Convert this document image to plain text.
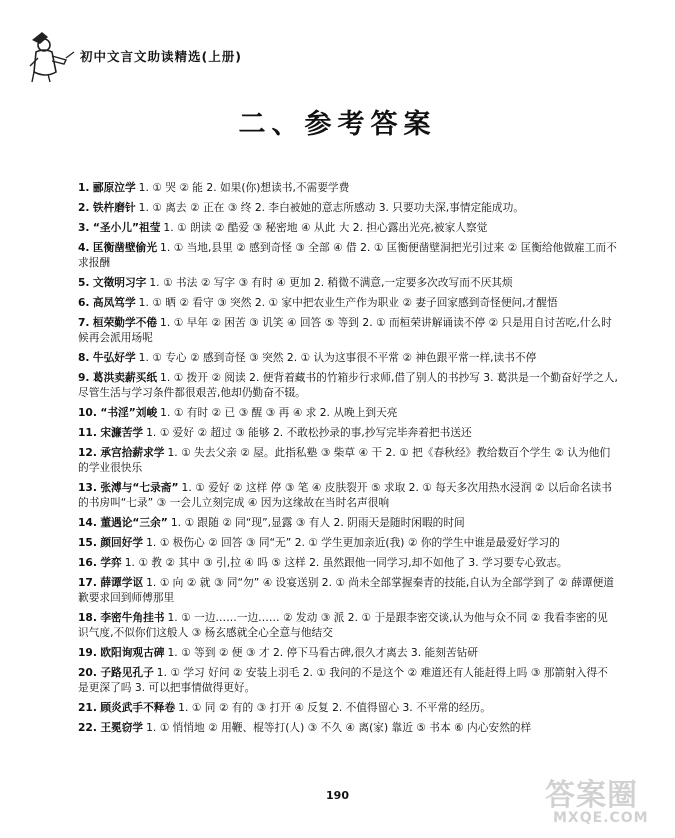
初中文言文助读精选(上册)
二、参考答案
1. 郦原泣学 1. ① 哭 ② 能 2. 如果(你)想读书,不需要学费
2. 铁杵磨针 1. ① 离去 ② 正在 ③ 终 2. 李白被她的意志所感动 3. 只要功夫深,事情定能成功。
3. “圣小儿”祖莹 1. ① 朗读 ② 酷爱 ③ 秘密地 ④ 从此 大 2. 担心露出光亮,被家人察觉
4. 匡衡凿壁偷光 1. ① 当地,县里 ② 感到奇怪 ③ 全部 ④ 借 2. ① 匡衡便凿壁洞把光引过来 ② 匡衡给他做雇工而不求报酬
5. 文徵明习字 1. ① 书法 ② 写字 ③ 有时 ④ 更加 2. 稍微不满意,一定要多次改写而不厌其烦
6. 高凤笃学 1. ① 晒 ② 看守 ③ 突然 2. ① 家中把农业生产作为职业 ② 妻子回家感到奇怪便问,才醒悟
7. 桓荣勤学不倦 1. ① 早年 ② 困苦 ③ 讥笑 ④ 回答 ⑤ 等到 2. ① 而桓荣讲解诵读不停 ② 只是用自讨苦吃,什么时候再会派用场呢
8. 牛弘好学 1. ① 专心 ② 感到奇怪 ③ 突然 2. ① 认为这事很不平常 ② 神色跟平常一样,读书不停
9. 葛洪卖薪买纸 1. ① 拨开 ② 阅读 2. 便背着藏书的竹箱步行求师,借了别人的书抄写 3. 葛洪是一个勤奋好学之人,尽管生活与学习条件都很艰苦,他却仍勤奋不辍。
10. “书淫”刘峻 1. ① 有时 ② 已 ③ 醒 ③ 再 ④ 求 2. 从晚上到天亮
11. 宋濂苦学 1. ① 爱好 ② 超过 ③ 能够 2. 不敢松抄录的事,抄写完毕奔着把书送还
12. 承宫拾薪求学 1. ① 失去父亲 ② 屋。此指私塾 ③ 柴草 ④ 干 2. ① 把《春秋经》教给数百个学生 ② 认为他们的学业很快乐
13. 张溥与“七录斋” 1. ① 爱好 ② 这样 停 ③ 笔 ④ 皮肤裂开 ⑤ 求取 2. ① 每天多次用热水浸润 ② 以后命名读书的书房叫“七录” ③ 一会儿立刻完成 ④ 因为这缘故在当时名声很响
14. 董遇论“三余” 1. ① 跟随 ② 同“现”,显露 ③ 有人 2. 阴雨天是随时闲暇的时间
15. 颜回好学 1. ① 极伤心 ② 回答 ③ 同“无” 2. ① 学生更加亲近(我) ② 你的学生中谁是最爱好学习的
16. 学弈 1. ① 教 ② 其中 ③ 引,拉 ④ 吗 ⑤ 这样 2. 虽然跟他一同学习,却不如他了 3. 学习要专心致志。
17. 薛谭学讴 1. ① 向 ② 就 ③ 同“勿” ④ 设宴送别 2. ① 尚未全部掌握秦青的技能,自认为全部学到了 ② 薛谭便道歉要求回到师傅那里
18. 李密牛角挂书 1. ① 一边……一边…… ② 发动 ③ 派 2. ① 于是跟李密交谈,认为他与众不同 ② 我看李密的见识气度,不似你们这般人 ③ 杨玄感就全心全意与他结交
19. 欧阳询观古碑 1. ① 等到 ② 便 ③ 才 2. 停下马看古碑,很久才离去 3. 能刻苦钻研
20. 子路见孔子 1. ① 学习 好问 ② 安装上羽毛 2. ① 我问的不是这个 ② 难道还有人能赶得上吗 ③ 那箭射入得不是更深了吗 3. 可以把事情做得更好。
21. 顾炎武手不释卷 1. ① 同 ② 有的 ③ 打开 ④ 反复 2. 不值得留心 3. 不平常的经历。
22. 王冕窃学 1. ① 悄悄地 ② 用鞭、棍等打(人) ③ 不久 ④ 离(家) 靠近 ⑤ 书本 ⑥ 内心安然的样
190	答案圈
MXQE.COM
